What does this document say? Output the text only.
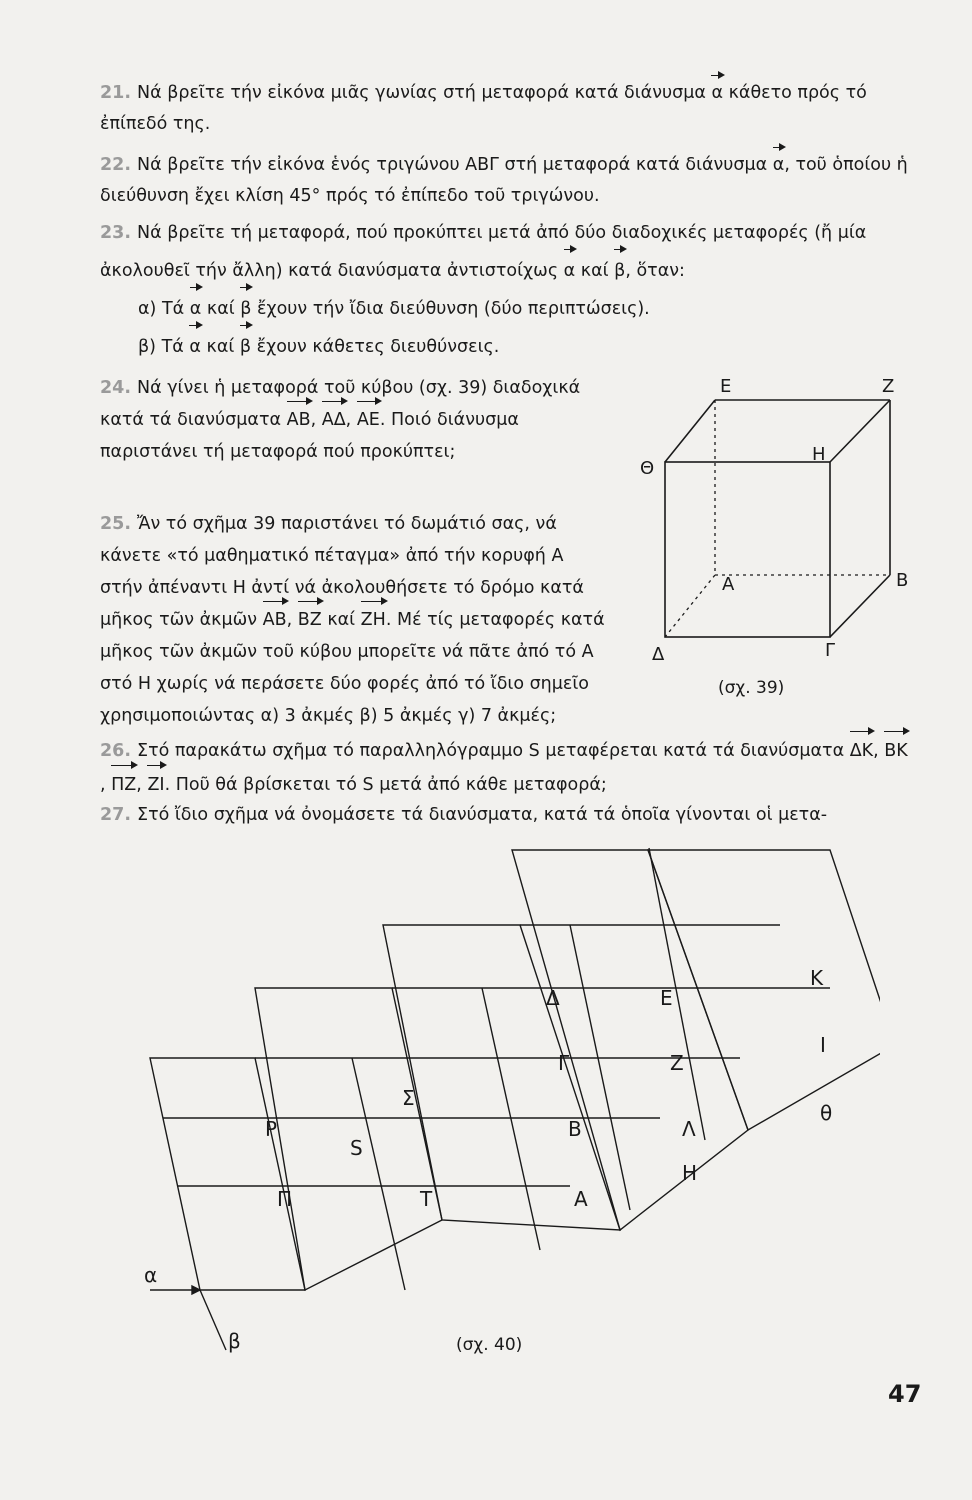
21. Νά βρεῖτε τήν εἰκόνα μιᾶς γωνίας στή μεταφορά κατά διάνυσμα α κάθετο πρός τό ἐπίπεδό της.

22. Νά βρεῖτε τήν εἰκόνα ἑνός τριγώνου ΑΒΓ στή μεταφορά κατά διάνυσμα α, τοῦ ὁποίου ἡ διεύθυνση ἔχει κλίση 45° πρός τό ἐπίπεδο τοῦ τριγώνου.

23. Νά βρεῖτε τή μεταφορά, πού προκύπτει μετά ἀπό δύο διαδοχικές μεταφορές (ἤ μία ἀκολουθεῖ τήν ἄλλη) κατά διανύσματα ἀντιστοίχως α καί β, ὅταν:

α) Τά α καί β ἔχουν τήν ἴδια διεύθυνση (δύο περιπτώσεις).

β) Τά α καί β ἔχουν κάθετες διευθύνσεις.

24. Νά γίνει ἡ μεταφορά τοῦ κύβου (σχ. 39) διαδοχικά κατά τά διανύσματα ΑΒ, ΑΔ, ΑΕ. Ποιό διάνυσμα παριστάνει τή μεταφορά πού προκύπτει;

25. Ἄν τό σχῆμα 39 παριστάνει τό δωμάτιό σας, νά κάνετε «τό μαθηματικό πέταγμα» ἀπό τήν κορυφή Α στήν ἀπέναντι Η ἀντί νά ἀκολουθήσετε τό δρόμο κατά μῆκος τῶν ἀκμῶν ΑΒ, ΒΖ καί ΖΗ. Μέ τίς μεταφορές κατά μῆκος τῶν ἀκμῶν τοῦ κύβου μπορεῖτε νά πᾶτε ἀπό τό Α στό Η χωρίς νά περάσετε δύο φορές ἀπό τό ἴδιο σημεῖο χρησιμοποιώντας α) 3 ἀκμές β) 5 ἀκμές γ) 7 ἀκμές;

26. Στό παρακάτω σχῆμα τό παραλληλόγραμμο S μεταφέρεται κατά τά διανύσματα ΔΚ, ΒΚ, ΠΖ, ΖΙ. Ποῦ θά βρίσκεται τό S μετά ἀπό κάθε μεταφορά;

27. Στό ἴδιο σχῆμα νά ὀνομάσετε τά διανύσματα, κατά τά ὁποῖα γίνονται οἱ μετα-

Ε	Ζ
Η
Θ
Α	Β
Δ	Γ
(σχ. 39)
Δ	Ε
Κ
Ι
θ
Σ
Γ	Ζ
Ρ
S
Β	Λ
Π	Τ
Η
Α
α
β	(σχ. 40)
47
